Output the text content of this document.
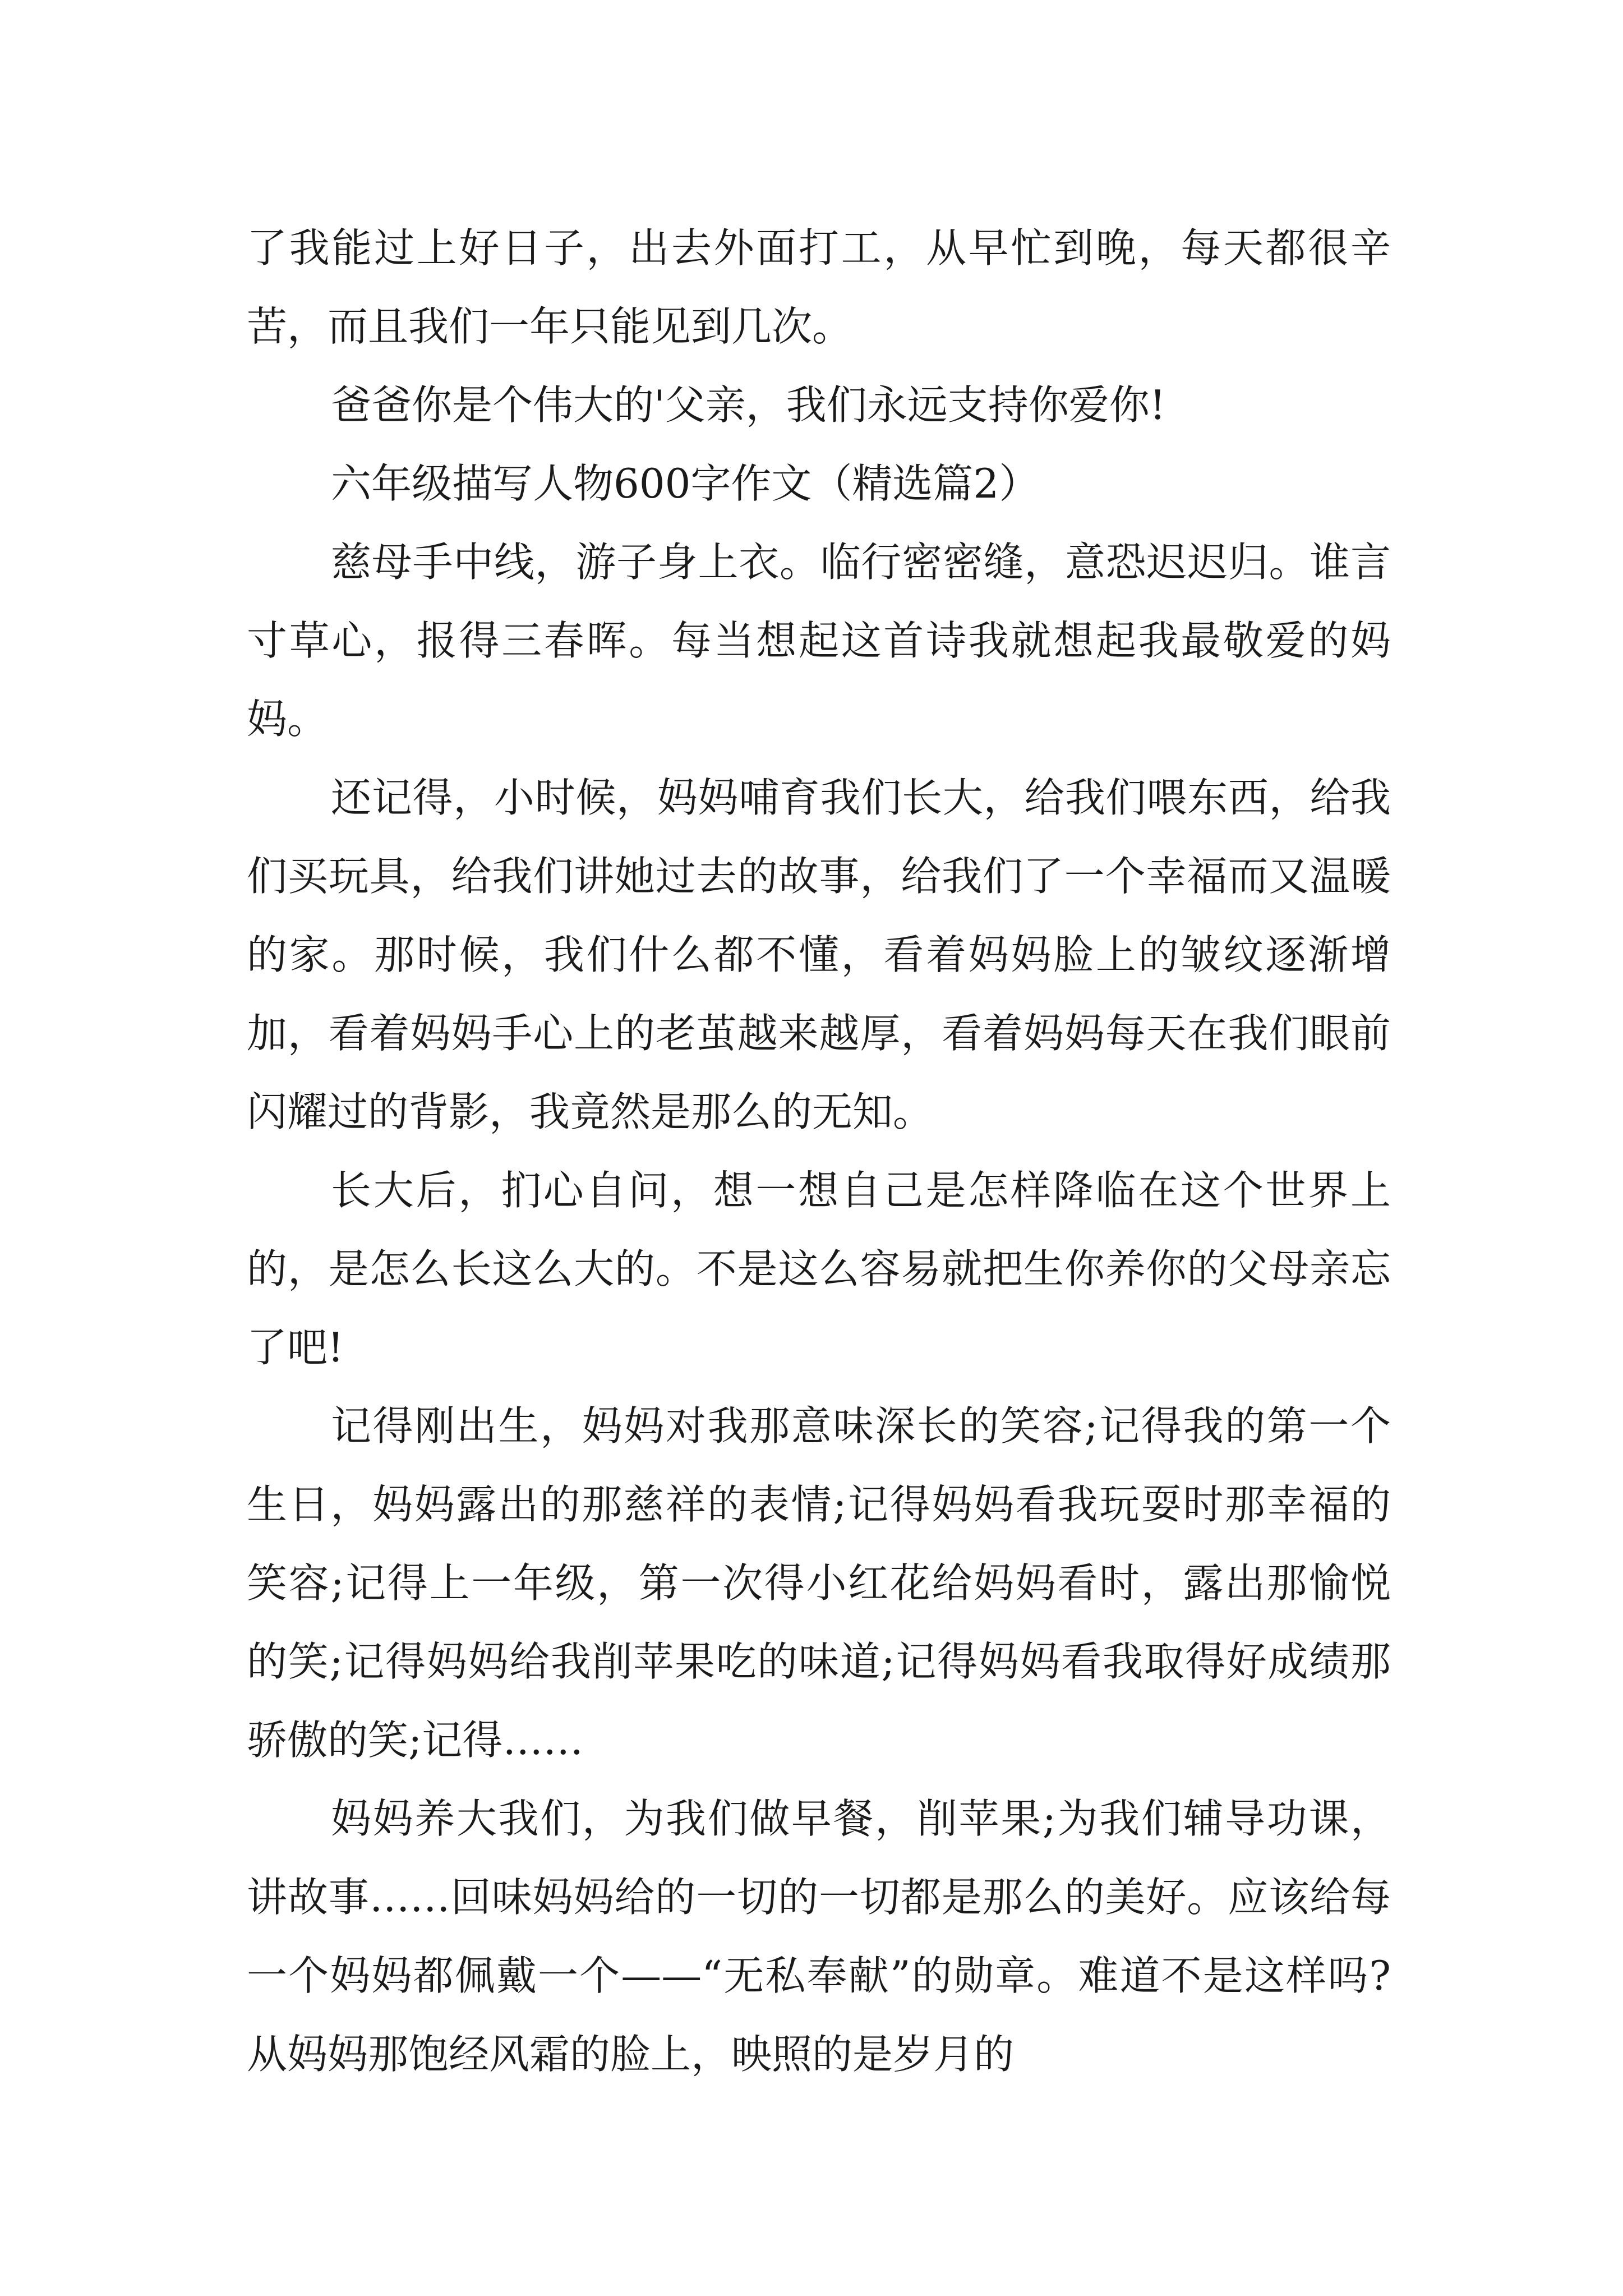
了我能过上好日子，出去外面打工，从早忙到晚，每天都很辛苦，而且我们一年只能见到几次。

爸爸你是个伟大的'父亲，我们永远支持你爱你!

六年级描写人物600字作文（精选篇2）

慈母手中线，游子身上衣。临行密密缝，意恐迟迟归。谁言寸草心，报得三春晖。每当想起这首诗我就想起我最敬爱的妈妈。

还记得，小时候，妈妈哺育我们长大，给我们喂东西，给我们买玩具，给我们讲她过去的故事，给我们了一个幸福而又温暖的家。那时候，我们什么都不懂，看着妈妈脸上的皱纹逐渐增加，看着妈妈手心上的老茧越来越厚，看着妈妈每天在我们眼前闪耀过的背影，我竟然是那么的无知。

长大后，扪心自问，想一想自己是怎样降临在这个世界上的，是怎么长这么大的。不是这么容易就把生你养你的父母亲忘了吧!

记得刚出生，妈妈对我那意味深长的笑容;记得我的第一个生日，妈妈露出的那慈祥的表情;记得妈妈看我玩耍时那幸福的笑容;记得上一年级，第一次得小红花给妈妈看时，露出那愉悦的笑;记得妈妈给我削苹果吃的味道;记得妈妈看我取得好成绩那骄傲的笑;记得……

妈妈养大我们，为我们做早餐，削苹果;为我们辅导功课，讲故事……回味妈妈给的一切的一切都是那么的美好。应该给每一个妈妈都佩戴一个——“无私奉献”的勋章。难道不是这样吗?从妈妈那饱经风霜的脸上，映照的是岁月的
